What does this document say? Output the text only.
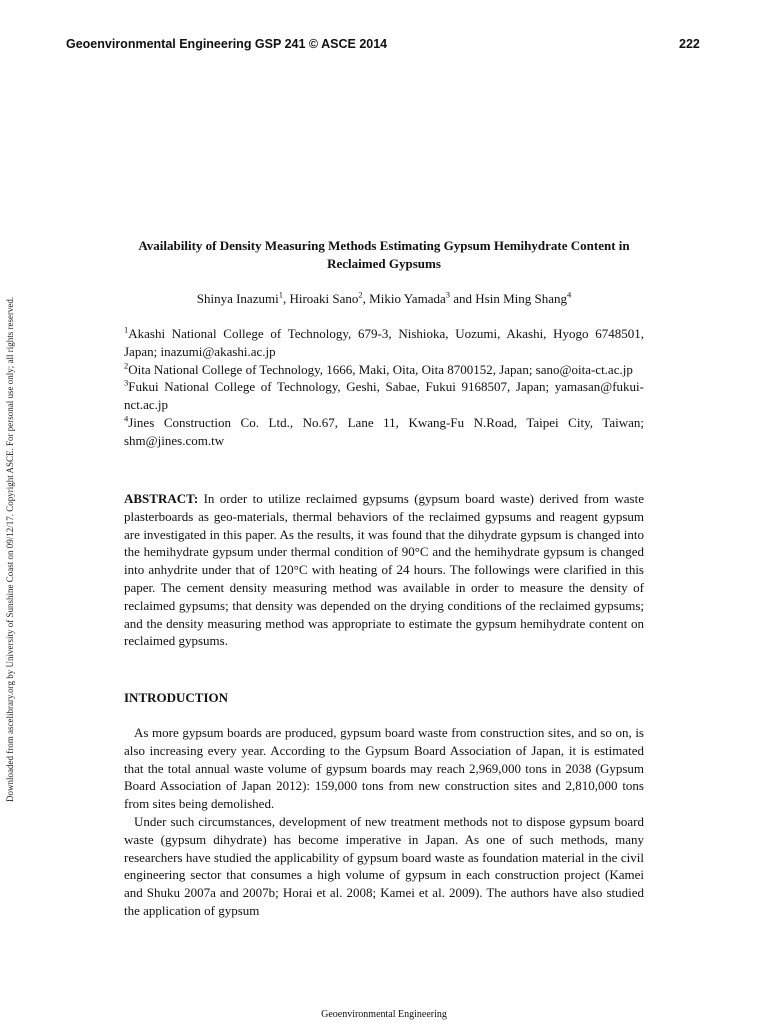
Geoenvironmental Engineering GSP 241 © ASCE 2014	222
Downloaded from ascelibrary.org by University of Sunshine Coast on 09/12/17. Copyright ASCE. For personal use only; all rights reserved.
Availability of Density Measuring Methods Estimating Gypsum Hemihydrate Content in Reclaimed Gypsums
Shinya Inazumi$^1$, Hiroaki Sano$^2$, Mikio Yamada$^3$ and Hsin Ming Shang$^4$

$^1$Akashi National College of Technology, 679-3, Nishioka, Uozumi, Akashi, Hyogo 6748501, Japan; inazumi@akashi.ac.jp

$^2$Oita National College of Technology, 1666, Maki, Oita, Oita 8700152, Japan; sano@oita-ct.ac.jp

$^3$Fukui National College of Technology, Geshi, Sabae, Fukui 9168507, Japan; yamasan@fukui-nct.ac.jp

$^4$Jines Construction Co. Ltd., No.67, Lane 11, Kwang-Fu N.Road, Taipei City, Taiwan; shm@jines.com.tw

ABSTRACT: In order to utilize reclaimed gypsums (gypsum board waste) derived from waste plasterboards as geo-materials, thermal behaviors of the reclaimed gypsums and reagent gypsum are investigated in this paper. As the results, it was found that the dihydrate gypsum is changed into the hemihydrate gypsum under thermal condition of 90°C and the hemihydrate gypsum is changed into anhydrite under that of 120°C with heating of 24 hours. The followings were clarified in this paper. The cement density measuring method was available in order to measure the density of reclaimed gypsums; that density was depended on the drying conditions of the reclaimed gypsums; and the density measuring method was appropriate to estimate the gypsum hemihydrate content on reclaimed gypsums.

INTRODUCTION

As more gypsum boards are produced, gypsum board waste from construction sites, and so on, is also increasing every year. According to the Gypsum Board Association of Japan, it is estimated that the total annual waste volume of gypsum boards may reach 2,969,000 tons in 2038 (Gypsum Board Association of Japan 2012): 159,000 tons from new construction sites and 2,810,000 tons from sites being demolished.

Under such circumstances, development of new treatment methods not to dispose gypsum board waste (gypsum dihydrate) has become imperative in Japan. As one of such methods, many researchers have studied the applicability of gypsum board waste as foundation material in the civil engineering sector that consumes a high volume of gypsum in each construction project (Kamei and Shuku 2007a and 2007b; Horai et al. 2008; Kamei et al. 2009). The authors have also studied the application of gypsum

Geoenvironmental Engineering
